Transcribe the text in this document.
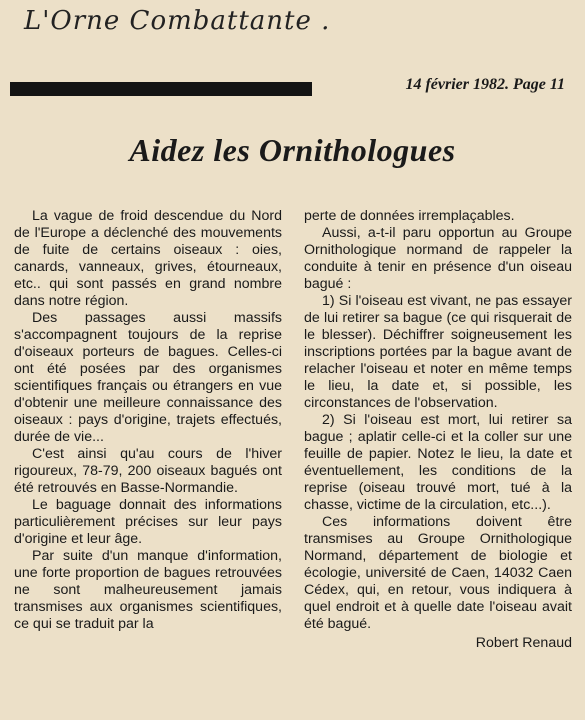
L'Orne Combattante .
14 février 1982. Page 11
Aidez les Ornithologues

La vague de froid descendue du Nord de l'Europe a déclenché des mouvements de fuite de certains oiseaux : oies, canards, vanneaux, grives, étourneaux, etc.. qui sont passés en grand nombre dans notre région.

Des passages aussi massifs s'accompagnent toujours de la reprise d'oiseaux porteurs de bagues. Celles-ci ont été posées par des organismes scientifiques français ou étrangers en vue d'obtenir une meilleure connaissance des oiseaux : pays d'origine, trajets effectués, durée de vie...

C'est ainsi qu'au cours de l'hiver rigoureux, 78-79, 200 oiseaux bagués ont été retrouvés en Basse-Normandie.

Le baguage donnait des informations particulièrement précises sur leur pays d'origine et leur âge.

Par suite d'un manque d'information, une forte proportion de bagues retrouvées ne sont malheureusement jamais transmises aux organismes scientifiques, ce qui se traduit par la

perte de données irremplaçables.

Aussi, a-t-il paru opportun au Groupe Ornithologique normand de rappeler la conduite à tenir en présence d'un oiseau bagué :

1) Si l'oiseau est vivant, ne pas essayer de lui retirer sa bague (ce qui risquerait de le blesser). Déchiffrer soigneusement les inscriptions portées par la bague avant de relacher l'oiseau et noter en même temps le lieu, la date et, si possible, les circonstances de l'observation.

2) Si l'oiseau est mort, lui retirer sa bague ; aplatir celle-ci et la coller sur une feuille de papier. Notez le lieu, la date et éventuellement, les conditions de la reprise (oiseau trouvé mort, tué à la chasse, victime de la circulation, etc...).

Ces informations doivent être transmises au Groupe Ornithologique Normand, département de biologie et écologie, université de Caen, 14032 Caen Cédex, qui, en retour, vous indiquera à quel endroit et à quelle date l'oiseau avait été bagué.

Robert Renaud
